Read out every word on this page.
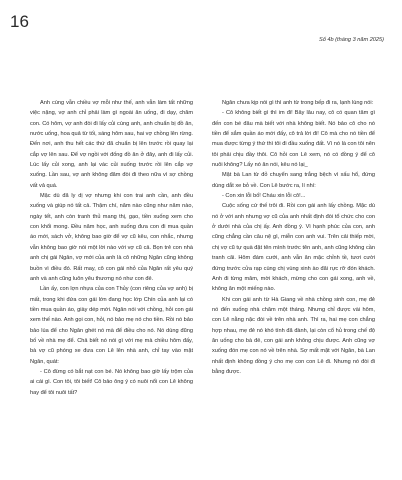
16
Số 4b (tháng 3 năm 2025)

Anh cùng vẫn chiều vợ mỗi như thế, anh vẫn làm tất những việc nặng, vợ anh chỉ phải làm gì ngoài ăn uống, đi dạy, chăm con. Có hôm, vợ anh đòi đi lấy củi cùng anh, anh chuẩn bị đồ ăn, nước uống, hoa quả từ tối, sáng hôm sau, hai vợ chồng lên rừng. Đến nơi, anh thu hết các thứ đã chuẩn bị lên trước rồi quay lại cắp vợ lên sau. Để vợ ngồi với đống đồ ăn ở đây, anh đi lấy củi. Lúc lấy củi xong, anh lại vác củi xuống trước rồi lên cắp vợ xuống. Lần sau, vợ anh không đăm đòi đi theo nữa vì sợ chồng vất vả quá.

Mặc dù đã ly dị vợ nhưng khi con trai anh cần, anh đều xuống và giúp nó tất cả. Thậm chí, năm nào cũng như năm nào, ngày tết, anh còn tranh thủ mang thị, gạo, tiền xuống xem cho con khổi mong. Đều năm học, anh xuống đưa con đi mua quần áo mới, sách vở, không bao giờ để vợ cũ kêu, con nhắc, nhưng vẫn không bao giờ nói một lời nào với vợ cũ cả. Bọn trẻ con nhà anh chị gái Ngân, vợ mới của anh là cô những Ngân cũng không buồn vì điều đó. Rất may, cô con gái nhỏ của Ngân rất yêu quý anh và anh cũng luôn yêu thương nó như con đẻ.

Lần ấy, con lợn nhựa của con Thủy (con riêng của vợ anh) bị mất, trong khi đứa con gái lớn đang học lớp Chín của anh lại có tiền mua quần áo, giày dép mới. Ngân nói với chồng, hỏi con gái xem thế nào. Anh gọi con, hỏi, nó bảo mẹ nó cho tiền. Rồi nó bảo bảo lúa để cho Ngân ghét nó mà để điều cho nó. Nó dùng đũng bố về nhà mẹ để. Chả biết nó nói gì với mẹ mà chiều hôm đấy, bà vợ cũ phóng xe đưa con Lê lên nhà anh, chỉ tay vào mặt Ngân, quát:

- Cô đừng có bắt nạt con bé. Nó không bao giờ lấy trộm của ai cái gì. Con tôi, tôi biết! Cô bảo ông ý có nuôi nổi con Lê không hay để tôi nuôi tất?

Ngân chưa kịp nói gì thì anh từ trong bếp đi ra, lạnh lùng nói:

- Cô không biết gì thì im đi! Bây lâu nay, cô có quan tâm gì đến con bé đâu mà biết với nhà không biết. Nó bảo cô cho nó tiền để sắm quần áo mới đấy, cô trả lời đi! Cô mà cho nó tiền để mua được từng ý thứ thì tôi đi đầu xuống đất. Vì nó là con tôi nên tôi phải chịu đầy thôi. Cô hỏi con Lê xem, nó có đồng ý để cô nuôi không? Lấy nó ăn nói, kêu nó lại_

Mặt bà Lan từ đỏ chuyển sang trắng bệch vì xấu hổ, đứng dùng dắt xe bỏ về. Con Lê bước ra, lí nhí:

- Con xin lỗi bố! Cháu xin lỗi cô!...

Cuộc sống cứ thế trôi đi. Rồi con gái anh lấy chồng. Mặc dù nó ở với anh nhưng vợ cũ của anh nhất định đòi tổ chức cho con ở dưới nhà của chị ấy. Anh đồng ý. Vì hạnh phúc của con, anh cũng chẳng cần câu nệ gì, miễn con anh vui. Trên cải thiếp mời, chị vợ cũ tự quà đặt tên mình trước tên anh, anh cũng không cần tranh cãi. Hôm đám cưới, anh vẫn ăn mặc chỉnh tề, tươi cười đứng trước cửa rạp cùng chị vùng xinh ào đãi rực rỡ đón khách. Anh đi từng mâm, mời khách, mừng cho con gái xong, anh về, không ăn một miếng nào.

Khi con gái anh từ Hà Giang về nhà chồng sinh con, mẹ đẻ nó đến xuống nhà chăm một tháng. Nhưng chỉ được vài hôm, con Lê nằng nặc đòi về trên nhà anh. Thì ra, hai mẹ con chẳng hợp nhau, mẹ đẻ nó khó tính đã đành, lại còn cổ hủ trong chế độ ăn uống cho bà đẻ, con gái anh không chịu được. Anh cũng vợ xuống đón mẹ con nó về trên nhà. Sợ mất mặt với Ngân, bà Lan nhất định không đồng ý cho mẹ con con Lê đi. Nhưng nó đòi đi bằng được.
